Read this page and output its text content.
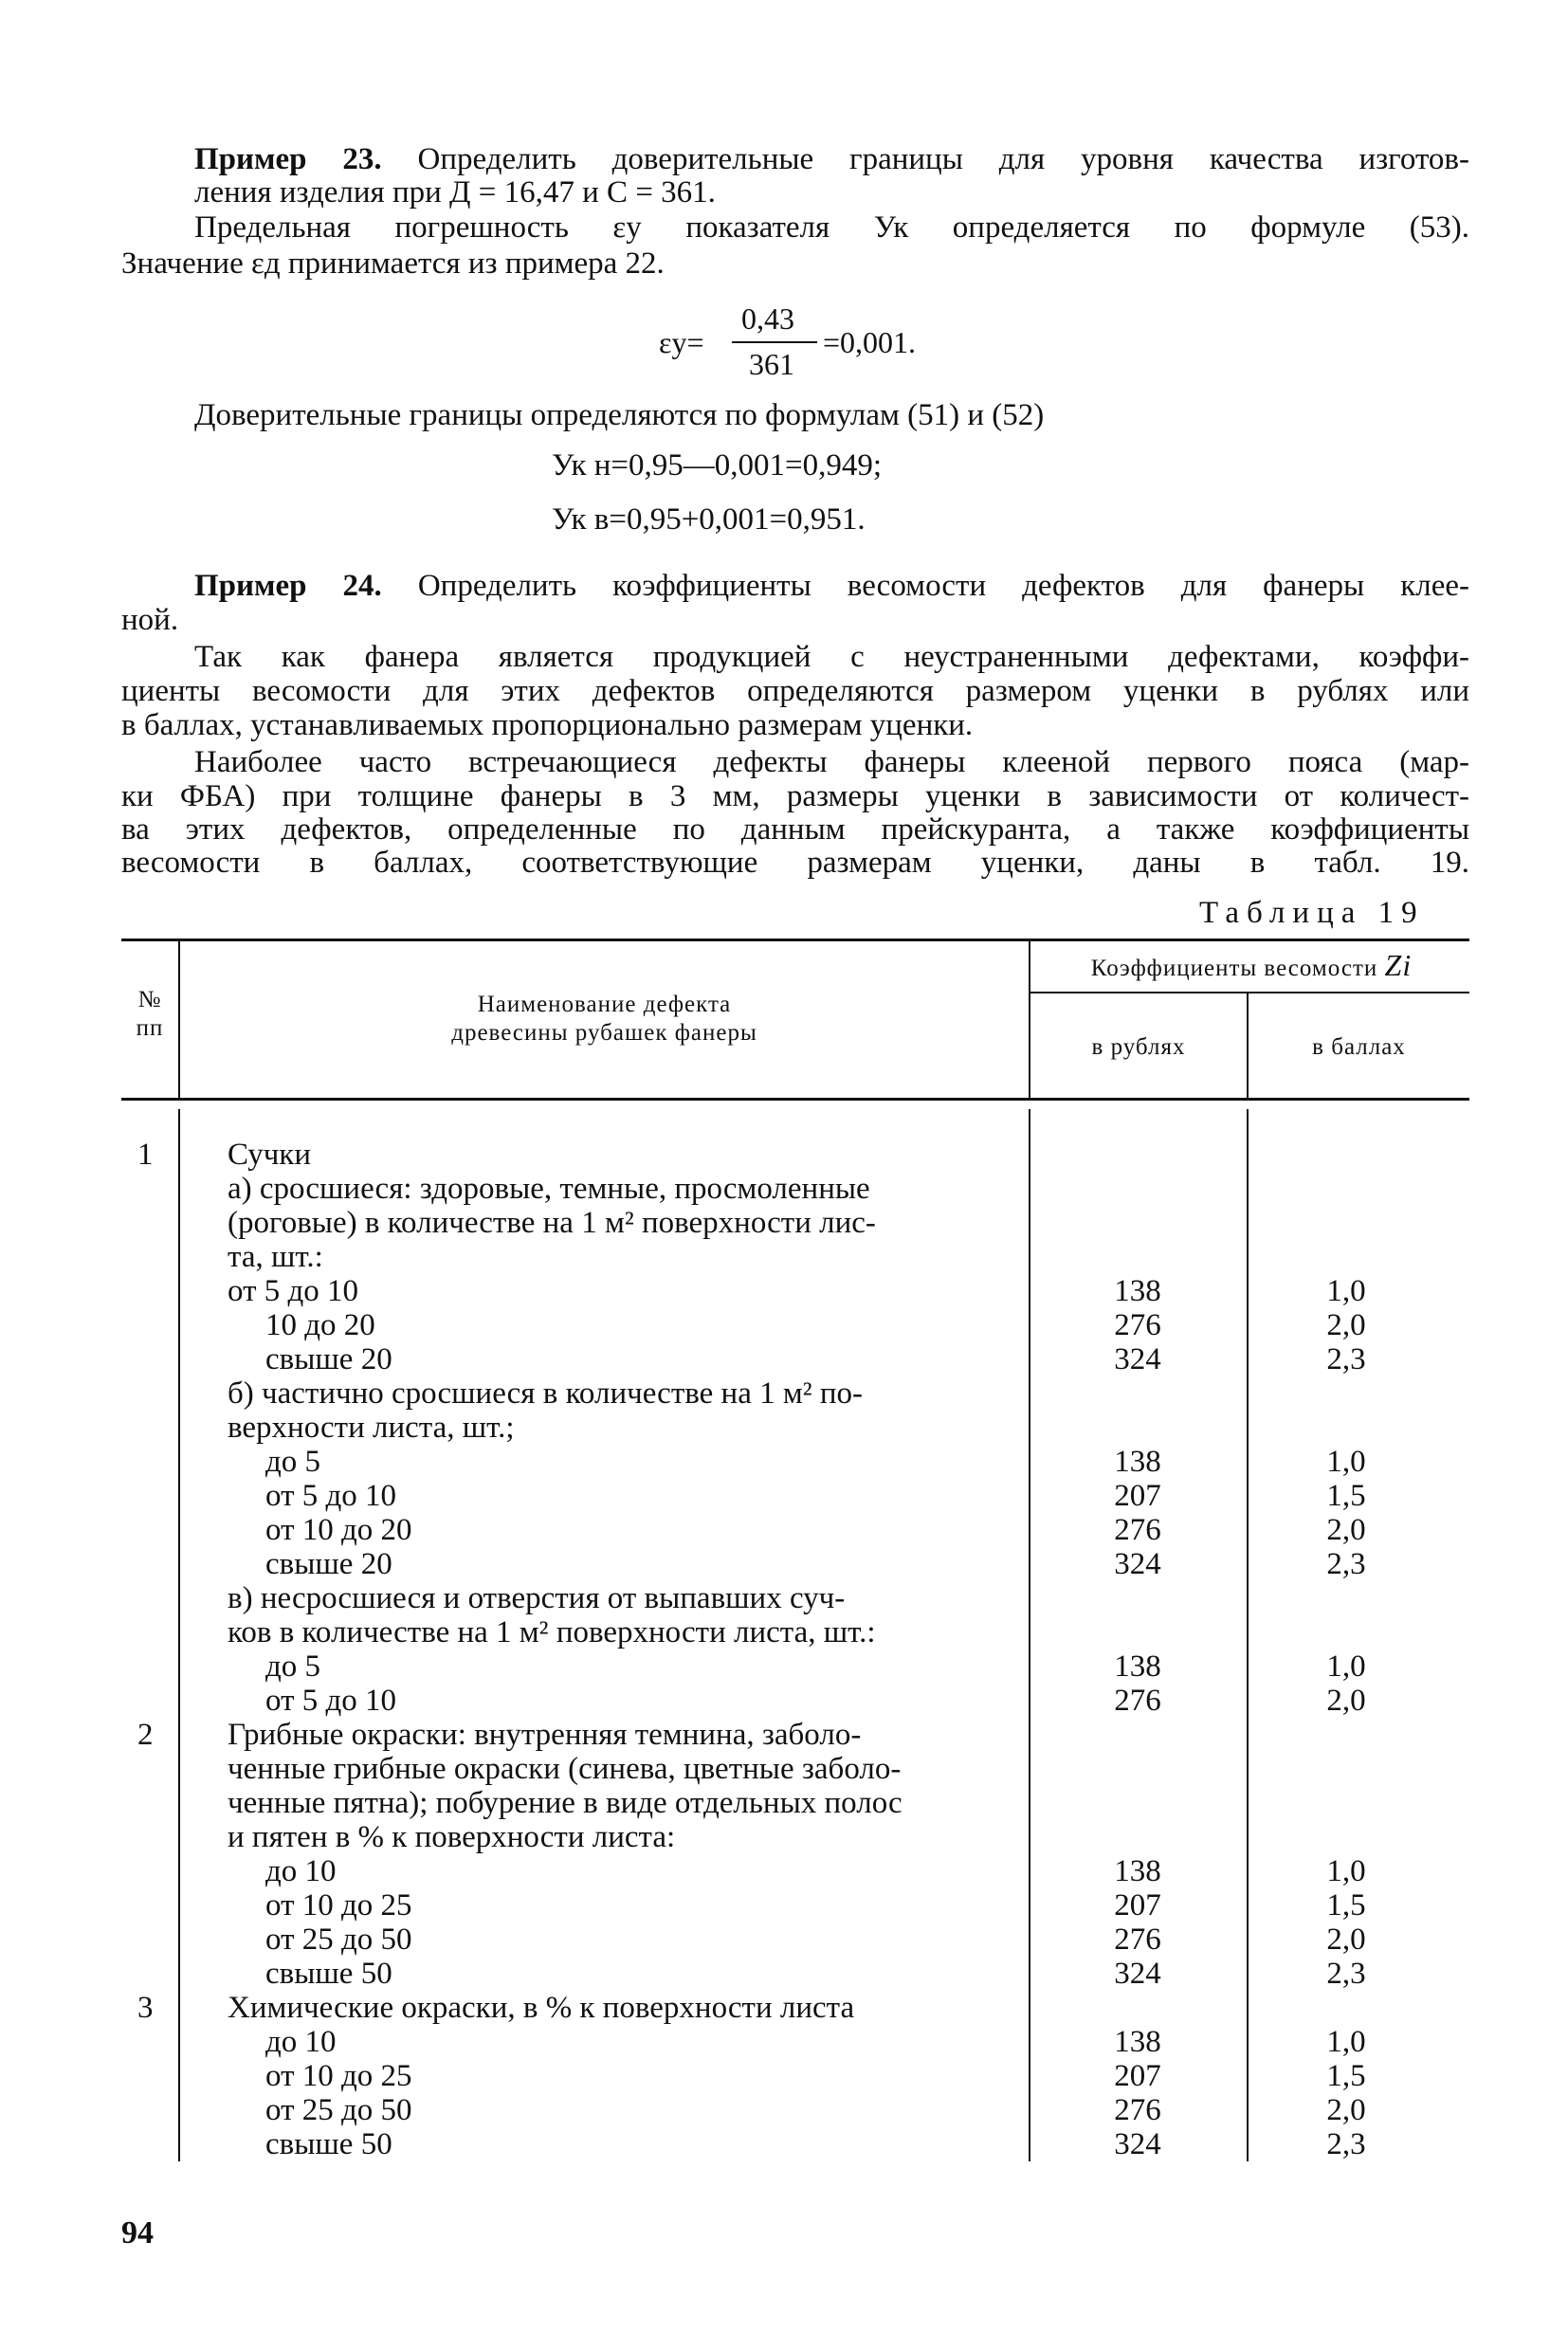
Пример 23. Определить доверительные границы для уровня качества изготов-
ления изделия при Д = 16,47 и С = 361.
Предельная погрешность εу показателя Ук определяется по формуле (53).
Значение εд принимается из примера 22.
0,43
εу=	=0,001.
361
Доверительные границы определяются по формулам (51) и (52)
Ук н=0,95—0,001=0,949;
Ук в=0,95+0,001=0,951.
Пример 24. Определить коэффициенты весомости дефектов для фанеры клее-
ной.
Так как фанера является продукцией с неустраненными дефектами, коэффи-
циенты весомости для этих дефектов определяются размером уценки в рублях или
в баллах, устанавливаемых пропорционально размерам уценки.
Наиболее часто встречающиеся дефекты фанеры клееной первого пояса (мар-
ки ФБА) при толщине фанеры в 3 мм, размеры уценки в зависимости от количест-
ва этих дефектов, определенные по данным прейскуранта, а также коэффициенты
весомости в баллах, соответствующие размерам уценки, даны в табл. 19.
Таблица 19
Коэффициенты весомости Zi
№
пп
Наименование дефекта
древесины рубашек фанеры
в рублях	в баллах
1 Сучки
а) сросшиеся: здоровые, темные, просмоленные
(роговые) в количестве на 1 м² поверхности лис-
та, шт.:
от 5 до 10	138	1,0
10 до 20	276	2,0
свыше 20	324	2,3
б) частично сросшиеся в количестве на 1 м² по-
верхности листа, шт.;
до 5	138	1,0
от 5 до 10	207	1,5
от 10 до 20	276	2,0
свыше 20	324	2,3
в) несросшиеся и отверстия от выпавших суч-
ков в количестве на 1 м² поверхности листа, шт.:
до 5	138	1,0
от 5 до 10	276	2,0
2 Грибные окраски: внутренняя темнина, заболо-
ченные грибные окраски (синева, цветные заболо-
ченные пятна); побурение в виде отдельных полос
и пятен в % к поверхности листа:
до 10	138	1,0
от 10 до 25	207	1,5
от 25 до 50	276	2,0
свыше 50	324	2,3
3 Химические окраски, в % к поверхности листа
до 10	138	1,0
от 10 до 25	207	1,5
от 25 до 50	276	2,0
свыше 50	324	2,3
94
